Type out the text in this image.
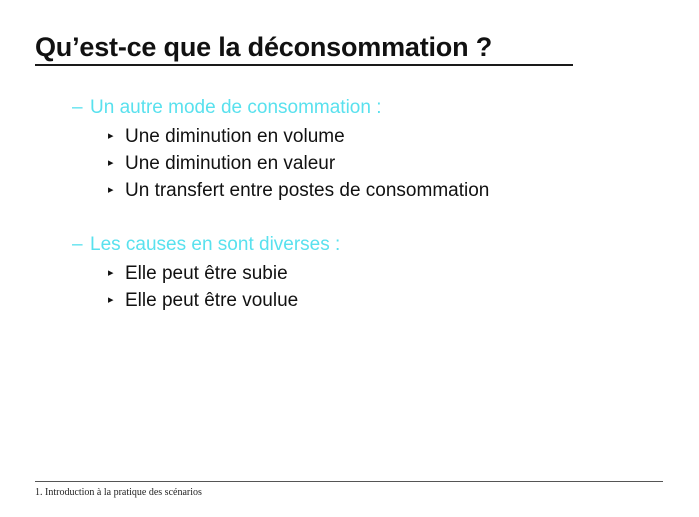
Qu’est-ce que la déconsommation ?
– Un autre mode de consommation :
▸ Une diminution en volume
▸ Une diminution en valeur
▸ Un transfert entre postes de consommation
– Les causes en sont diverses :
▸ Elle peut être subie
▸ Elle peut être voulue
1. Introduction à la pratique des scénarios
